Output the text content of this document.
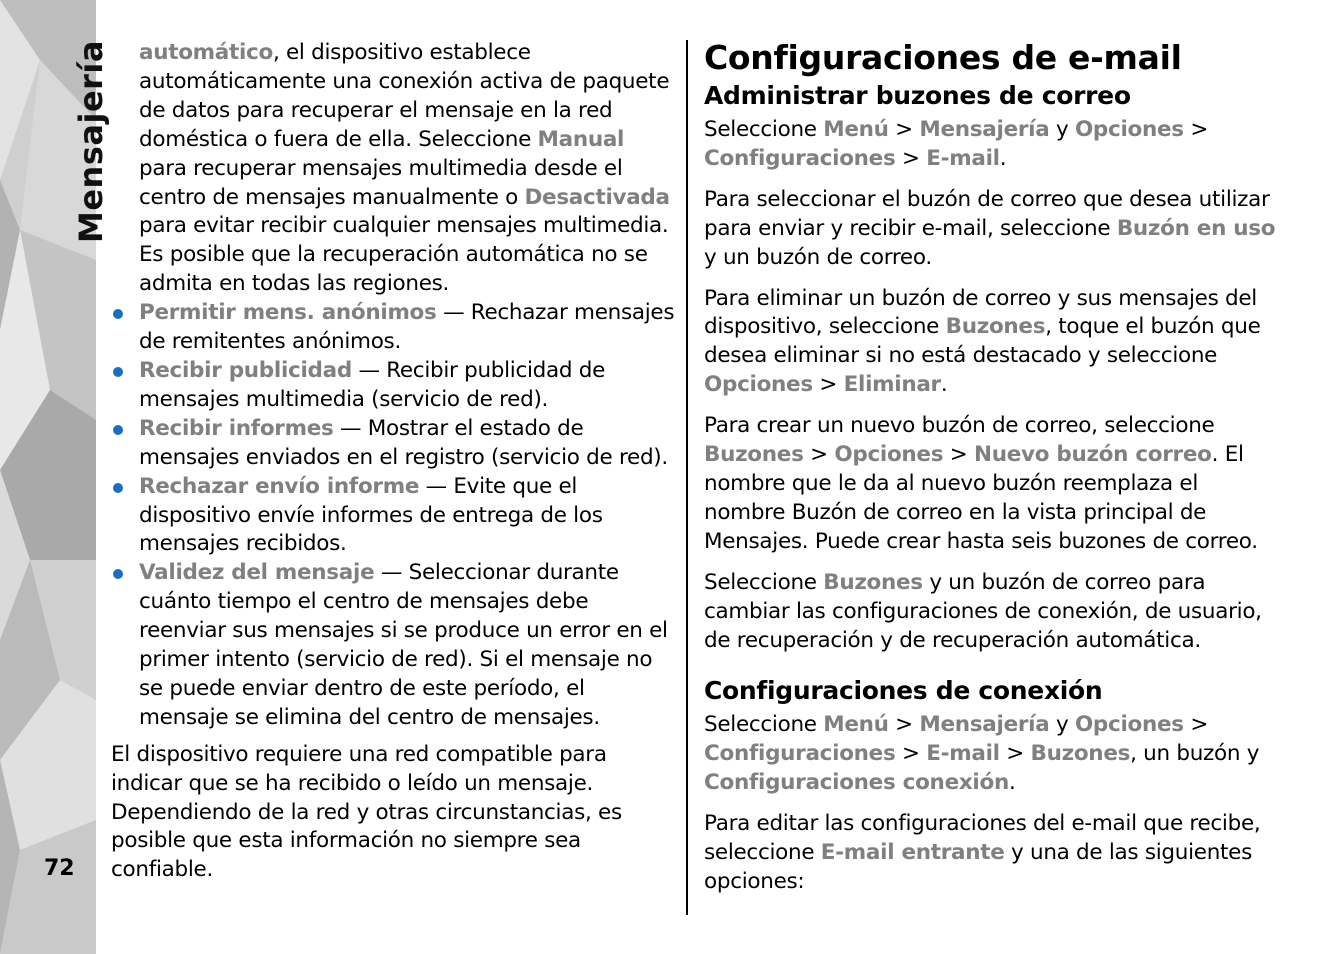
Mensajería
72

automático, el dispositivo establece automáticamente una conexión activa de paquete de datos para recuperar el mensaje en la red doméstica o fuera de ella. Seleccione Manual para recuperar mensajes multimedia desde el centro de mensajes manualmente o Desactivada para evitar recibir cualquier mensajes multimedia. Es posible que la recuperación automática no se admita en todas las regiones.

Permitir mens. anónimos — Rechazar mensajes de remitentes anónimos.
Recibir publicidad — Recibir publicidad de mensajes multimedia (servicio de red).
Recibir informes — Mostrar el estado de mensajes enviados en el registro (servicio de red).
Rechazar envío informe — Evite que el dispositivo envíe informes de entrega de los mensajes recibidos.
Validez del mensaje — Seleccionar durante cuánto tiempo el centro de mensajes debe reenviar sus mensajes si se produce un error en el primer intento (servicio de red). Si el mensaje no se puede enviar dentro de este período, el mensaje se elimina del centro de mensajes.

El dispositivo requiere una red compatible para indicar que se ha recibido o leído un mensaje. Dependiendo de la red y otras circunstancias, es posible que esta información no siempre sea confiable.

Configuraciones de e-mail
Administrar buzones de correo

Seleccione Menú > Mensajería y Opciones > Configuraciones > E-mail.

Para seleccionar el buzón de correo que desea utilizar para enviar y recibir e-mail, seleccione Buzón en uso y un buzón de correo.

Para eliminar un buzón de correo y sus mensajes del dispositivo, seleccione Buzones, toque el buzón que desea eliminar si no está destacado y seleccione Opciones > Eliminar.

Para crear un nuevo buzón de correo, seleccione Buzones > Opciones > Nuevo buzón correo. El nombre que le da al nuevo buzón reemplaza el nombre Buzón de correo en la vista principal de Mensajes. Puede crear hasta seis buzones de correo.

Seleccione Buzones y un buzón de correo para cambiar las configuraciones de conexión, de usuario, de recuperación y de recuperación automática.

Configuraciones de conexión

Seleccione Menú > Mensajería y Opciones > Configuraciones > E-mail > Buzones, un buzón y Configuraciones conexión.

Para editar las configuraciones del e-mail que recibe, seleccione E-mail entrante y una de las siguientes opciones:
